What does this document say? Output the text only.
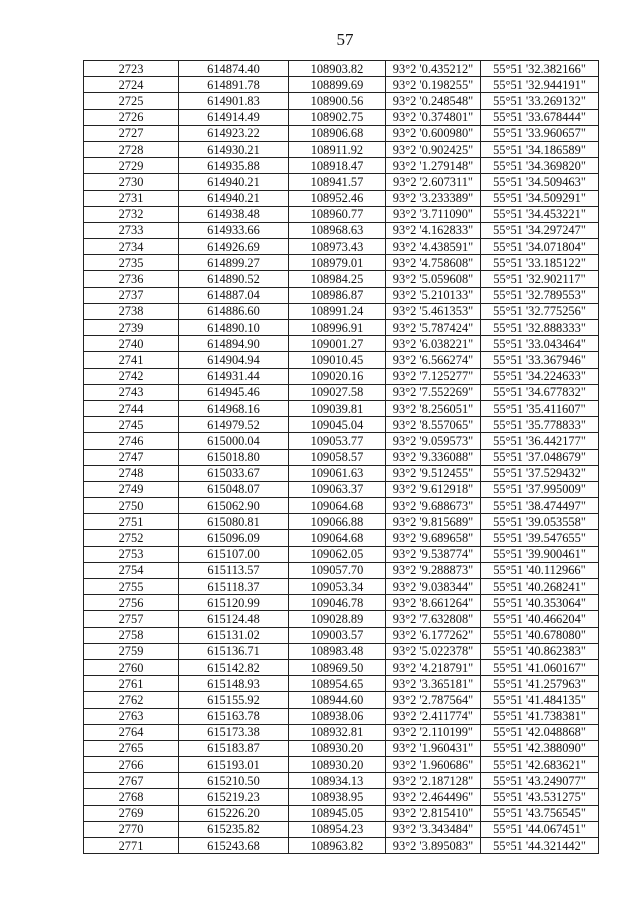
57
2723	614874.40	108903.82	93°2 '0.435212"	55°51 '32.382166"
2724	614891.78	108899.69	93°2 '0.198255"	55°51 '32.944191"
2725	614901.83	108900.56	93°2 '0.248548"	55°51 '33.269132"
2726	614914.49	108902.75	93°2 '0.374801"	55°51 '33.678444"
2727	614923.22	108906.68	93°2 '0.600980"	55°51 '33.960657"
2728	614930.21	108911.92	93°2 '0.902425"	55°51 '34.186589"
2729	614935.88	108918.47	93°2 '1.279148"	55°51 '34.369820"
2730	614940.21	108941.57	93°2 '2.607311"	55°51 '34.509463"
2731	614940.21	108952.46	93°2 '3.233389"	55°51 '34.509291"
2732	614938.48	108960.77	93°2 '3.711090"	55°51 '34.453221"
2733	614933.66	108968.63	93°2 '4.162833"	55°51 '34.297247"
2734	614926.69	108973.43	93°2 '4.438591"	55°51 '34.071804"
2735	614899.27	108979.01	93°2 '4.758608"	55°51 '33.185122"
2736	614890.52	108984.25	93°2 '5.059608"	55°51 '32.902117"
2737	614887.04	108986.87	93°2 '5.210133"	55°51 '32.789553"
2738	614886.60	108991.24	93°2 '5.461353"	55°51 '32.775256"
2739	614890.10	108996.91	93°2 '5.787424"	55°51 '32.888333"
2740	614894.90	109001.27	93°2 '6.038221"	55°51 '33.043464"
2741	614904.94	109010.45	93°2 '6.566274"	55°51 '33.367946"
2742	614931.44	109020.16	93°2 '7.125277"	55°51 '34.224633"
2743	614945.46	109027.58	93°2 '7.552269"	55°51 '34.677832"
2744	614968.16	109039.81	93°2 '8.256051"	55°51 '35.411607"
2745	614979.52	109045.04	93°2 '8.557065"	55°51 '35.778833"
2746	615000.04	109053.77	93°2 '9.059573"	55°51 '36.442177"
2747	615018.80	109058.57	93°2 '9.336088"	55°51 '37.048679"
2748	615033.67	109061.63	93°2 '9.512455"	55°51 '37.529432"
2749	615048.07	109063.37	93°2 '9.612918"	55°51 '37.995009"
2750	615062.90	109064.68	93°2 '9.688673"	55°51 '38.474497"
2751	615080.81	109066.88	93°2 '9.815689"	55°51 '39.053558"
2752	615096.09	109064.68	93°2 '9.689658"	55°51 '39.547655"
2753	615107.00	109062.05	93°2 '9.538774"	55°51 '39.900461"
2754	615113.57	109057.70	93°2 '9.288873"	55°51 '40.112966"
2755	615118.37	109053.34	93°2 '9.038344"	55°51 '40.268241"
2756	615120.99	109046.78	93°2 '8.661264"	55°51 '40.353064"
2757	615124.48	109028.89	93°2 '7.632808"	55°51 '40.466204"
2758	615131.02	109003.57	93°2 '6.177262"	55°51 '40.678080"
2759	615136.71	108983.48	93°2 '5.022378"	55°51 '40.862383"
2760	615142.82	108969.50	93°2 '4.218791"	55°51 '41.060167"
2761	615148.93	108954.65	93°2 '3.365181"	55°51 '41.257963"
2762	615155.92	108944.60	93°2 '2.787564"	55°51 '41.484135"
2763	615163.78	108938.06	93°2 '2.411774"	55°51 '41.738381"
2764	615173.38	108932.81	93°2 '2.110199"	55°51 '42.048868"
2765	615183.87	108930.20	93°2 '1.960431"	55°51 '42.388090"
2766	615193.01	108930.20	93°2 '1.960686"	55°51 '42.683621"
2767	615210.50	108934.13	93°2 '2.187128"	55°51 '43.249077"
2768	615219.23	108938.95	93°2 '2.464496"	55°51 '43.531275"
2769	615226.20	108945.05	93°2 '2.815410"	55°51 '43.756545"
2770	615235.82	108954.23	93°2 '3.343484"	55°51 '44.067451"
2771	615243.68	108963.82	93°2 '3.895083"	55°51 '44.321442"
